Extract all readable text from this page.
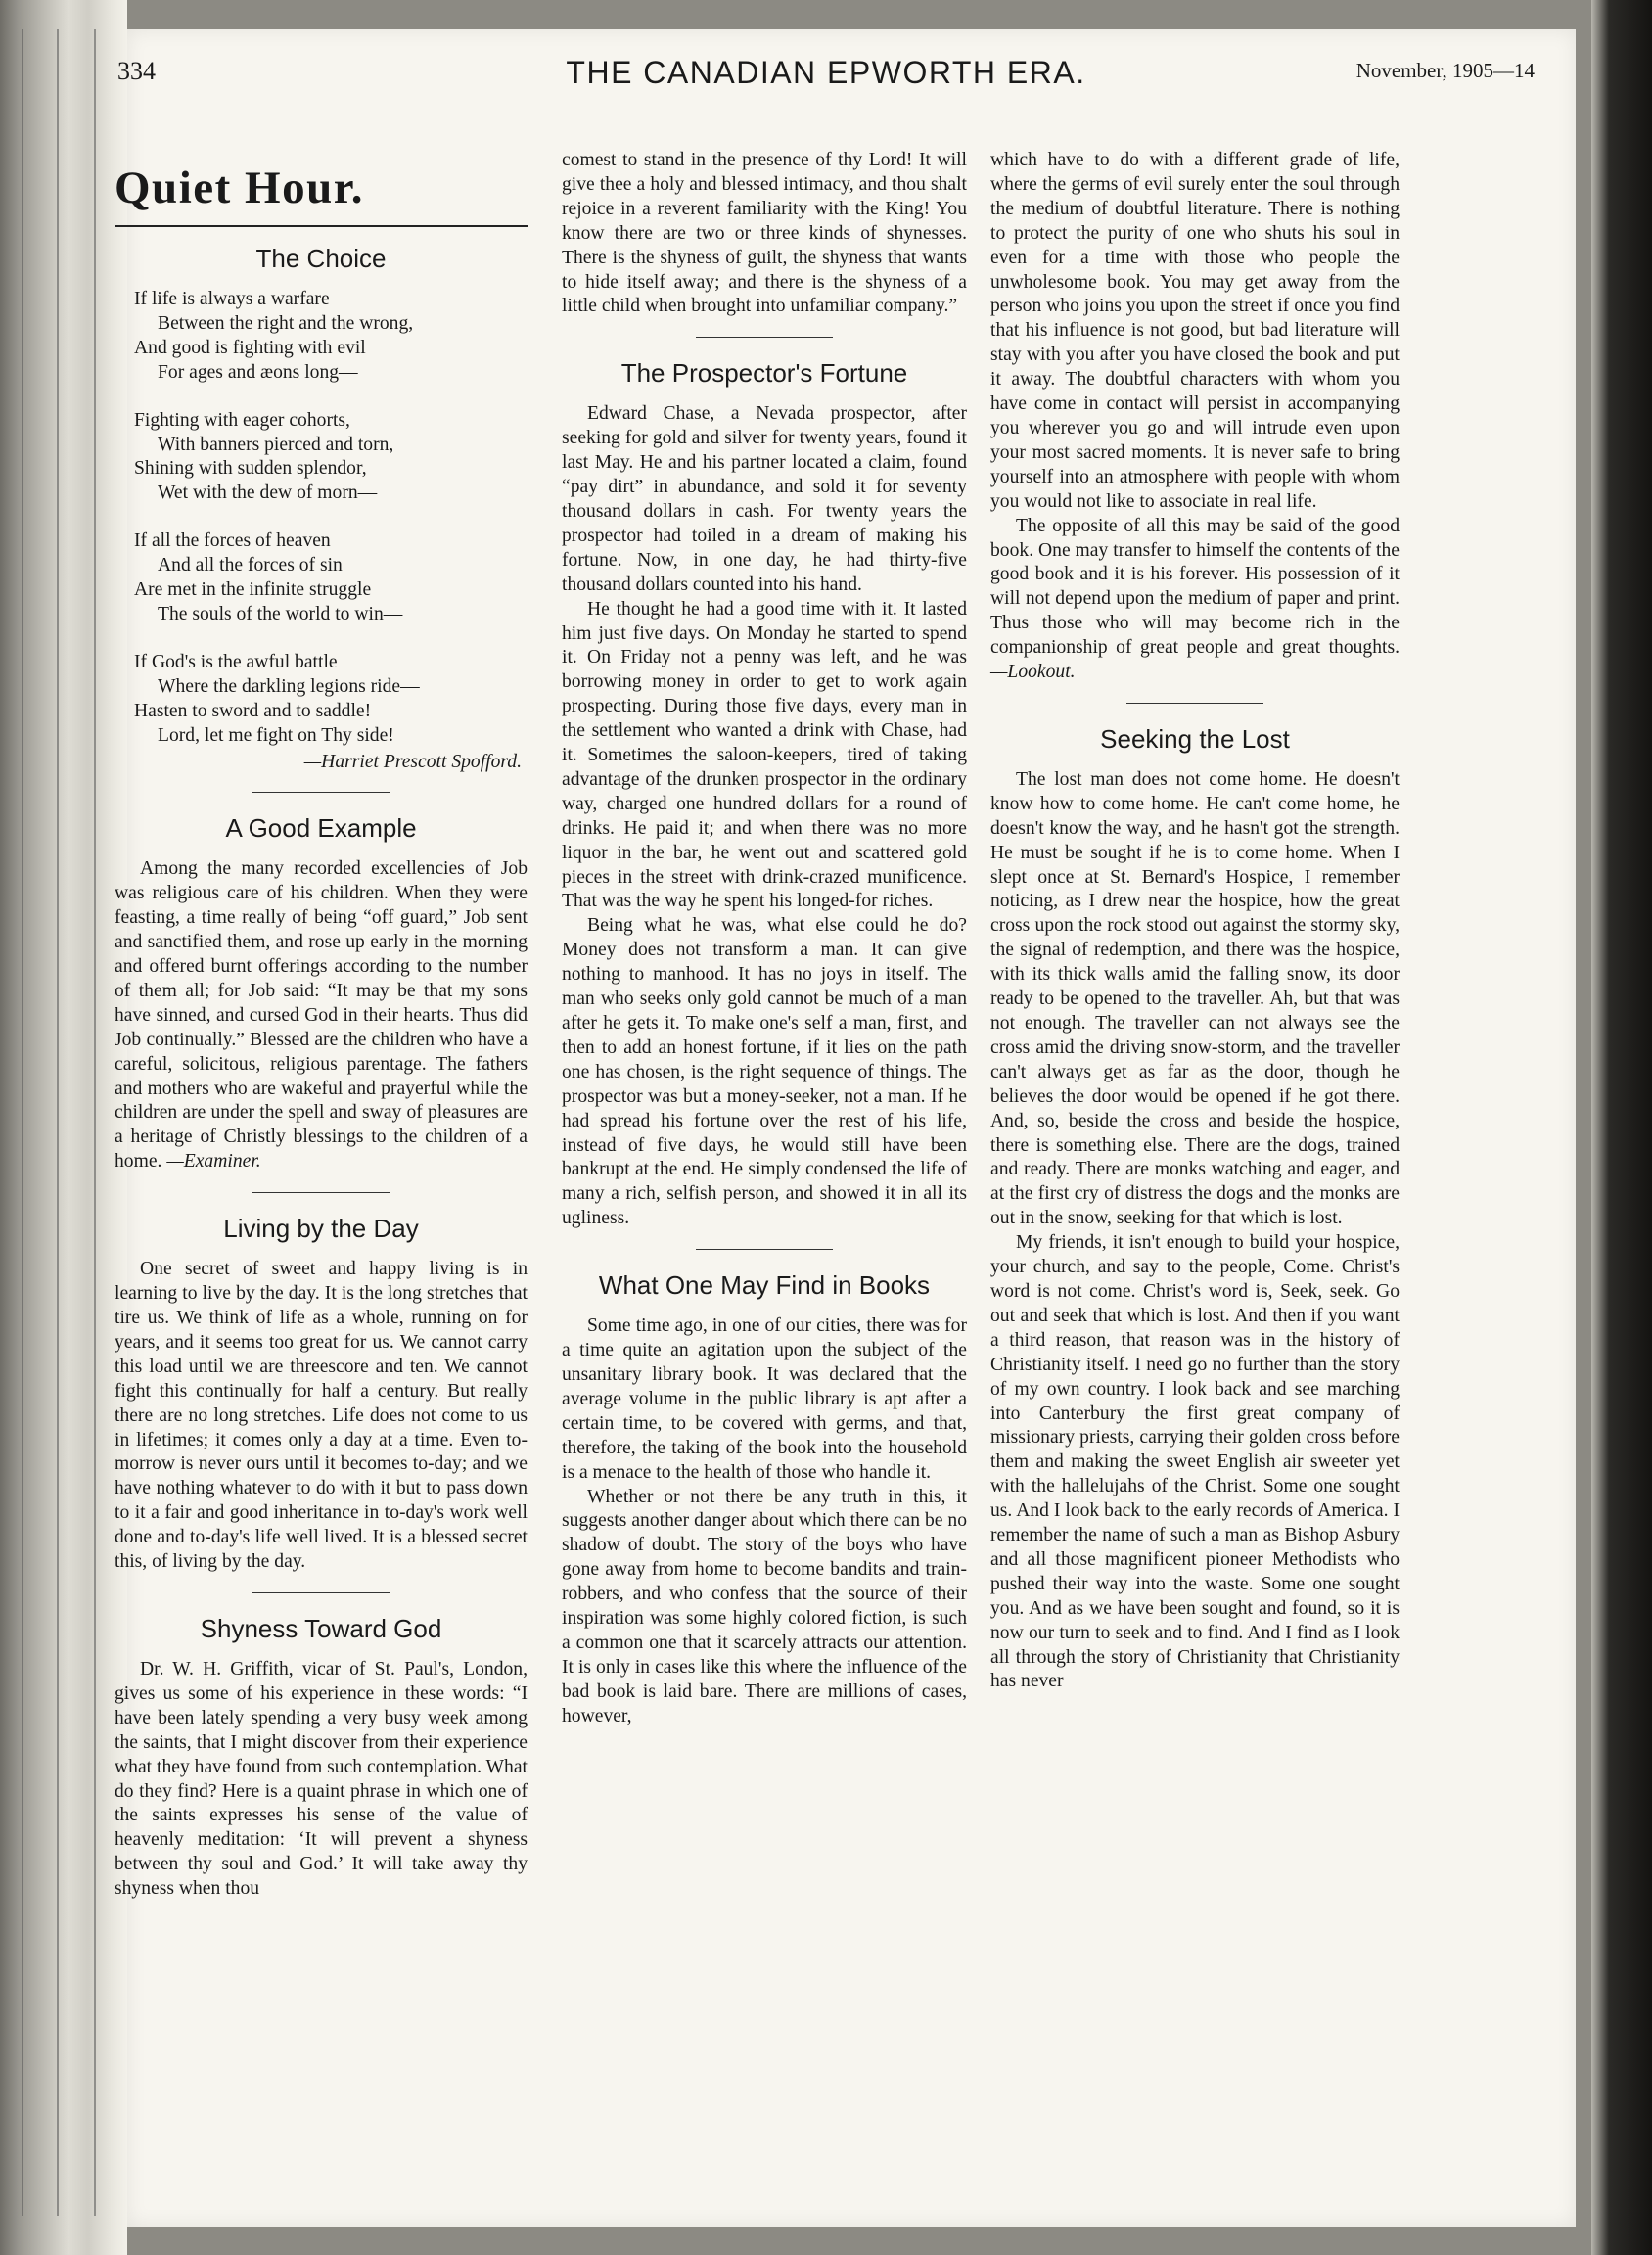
334	THE CANADIAN EPWORTH ERA.	November, 1905—14
Quiet Hour.
The Choice
If life is always a warfare
Between the right and the wrong,
And good is fighting with evil
For ages and æons long—
Fighting with eager cohorts,
With banners pierced and torn,
Shining with sudden splendor,
Wet with the dew of morn—
If all the forces of heaven
And all the forces of sin
Are met in the infinite struggle
The souls of the world to win—
If God's is the awful battle
Where the darkling legions ride—
Hasten to sword and to saddle!
Lord, let me fight on Thy side!
—Harriet Prescott Spofford.
A Good Example

Among the many recorded excellencies of Job was religious care of his children. When they were feasting, a time really of being “off guard,” Job sent and sanctified them, and rose up early in the morning and offered burnt offerings according to the number of them all; for Job said: “It may be that my sons have sinned, and cursed God in their hearts. Thus did Job continually.” Blessed are the children who have a careful, solicitous, religious parentage. The fathers and mothers who are wakeful and prayerful while the children are under the spell and sway of pleasures are a heritage of Christly blessings to the children of a home. —Examiner.

Living by the Day

One secret of sweet and happy living is in learning to live by the day. It is the long stretches that tire us. We think of life as a whole, running on for years, and it seems too great for us. We cannot carry this load until we are threescore and ten. We cannot fight this continually for half a century. But really there are no long stretches. Life does not come to us in lifetimes; it comes only a day at a time. Even to-morrow is never ours until it becomes to-day; and we have nothing whatever to do with it but to pass down to it a fair and good inheritance in to-day's work well done and to-day's life well lived. It is a blessed secret this, of living by the day.

Shyness Toward God

Dr. W. H. Griffith, vicar of St. Paul's, London, gives us some of his experience in these words: “I have been lately spending a very busy week among the saints, that I might discover from their experience what they have found from such contemplation. What do they find? Here is a quaint phrase in which one of the saints expresses his sense of the value of heavenly meditation: ‘It will prevent a shyness between thy soul and God.’ It will take away thy shyness when thou

comest to stand in the presence of thy Lord! It will give thee a holy and blessed intimacy, and thou shalt rejoice in a reverent familiarity with the King! You know there are two or three kinds of shynesses. There is the shyness of guilt, the shyness that wants to hide itself away; and there is the shyness of a little child when brought into unfamiliar company.”

The Prospector's Fortune

Edward Chase, a Nevada prospector, after seeking for gold and silver for twenty years, found it last May. He and his partner located a claim, found “pay dirt” in abundance, and sold it for seventy thousand dollars in cash. For twenty years the prospector had toiled in a dream of making his fortune. Now, in one day, he had thirty-five thousand dollars counted into his hand.

He thought he had a good time with it. It lasted him just five days. On Monday he started to spend it. On Friday not a penny was left, and he was borrowing money in order to get to work again prospecting. During those five days, every man in the settlement who wanted a drink with Chase, had it. Sometimes the saloon-keepers, tired of taking advantage of the drunken prospector in the ordinary way, charged one hundred dollars for a round of drinks. He paid it; and when there was no more liquor in the bar, he went out and scattered gold pieces in the street with drink-crazed munificence. That was the way he spent his longed-for riches.

Being what he was, what else could he do? Money does not transform a man. It can give nothing to manhood. It has no joys in itself. The man who seeks only gold cannot be much of a man after he gets it. To make one's self a man, first, and then to add an honest fortune, if it lies on the path one has chosen, is the right sequence of things. The prospector was but a money-seeker, not a man. If he had spread his fortune over the rest of his life, instead of five days, he would still have been bankrupt at the end. He simply condensed the life of many a rich, selfish person, and showed it in all its ugliness.

What One May Find in Books

Some time ago, in one of our cities, there was for a time quite an agitation upon the subject of the unsanitary library book. It was declared that the average volume in the public library is apt after a certain time, to be covered with germs, and that, therefore, the taking of the book into the household is a menace to the health of those who handle it.

Whether or not there be any truth in this, it suggests another danger about which there can be no shadow of doubt. The story of the boys who have gone away from home to become bandits and train-robbers, and who confess that the source of their inspiration was some highly colored fiction, is such a common one that it scarcely attracts our attention. It is only in cases like this where the influence of the bad book is laid bare. There are millions of cases, however,

which have to do with a different grade of life, where the germs of evil surely enter the soul through the medium of doubtful literature. There is nothing to protect the purity of one who shuts his soul in even for a time with those who people the unwholesome book. You may get away from the person who joins you upon the street if once you find that his influence is not good, but bad literature will stay with you after you have closed the book and put it away. The doubtful characters with whom you have come in contact will persist in accompanying you wherever you go and will intrude even upon your most sacred moments. It is never safe to bring yourself into an atmosphere with people with whom you would not like to associate in real life.

The opposite of all this may be said of the good book. One may transfer to himself the contents of the good book and it is his forever. His possession of it will not depend upon the medium of paper and print. Thus those who will may become rich in the companionship of great people and great thoughts. —Lookout.

Seeking the Lost

The lost man does not come home. He doesn't know how to come home. He can't come home, he doesn't know the way, and he hasn't got the strength. He must be sought if he is to come home. When I slept once at St. Bernard's Hospice, I remember noticing, as I drew near the hospice, how the great cross upon the rock stood out against the stormy sky, the signal of redemption, and there was the hospice, with its thick walls amid the falling snow, its door ready to be opened to the traveller. Ah, but that was not enough. The traveller can not always see the cross amid the driving snow-storm, and the traveller can't always get as far as the door, though he believes the door would be opened if he got there. And, so, beside the cross and beside the hospice, there is something else. There are the dogs, trained and ready. There are monks watching and eager, and at the first cry of distress the dogs and the monks are out in the snow, seeking for that which is lost.

My friends, it isn't enough to build your hospice, your church, and say to the people, Come. Christ's word is not come. Christ's word is, Seek, seek. Go out and seek that which is lost. And then if you want a third reason, that reason was in the history of Christianity itself. I need go no further than the story of my own country. I look back and see marching into Canterbury the first great company of missionary priests, carrying their golden cross before them and making the sweet English air sweeter yet with the hallelujahs of the Christ. Some one sought us. And I look back to the early records of America. I remember the name of such a man as Bishop Asbury and all those magnificent pioneer Methodists who pushed their way into the waste. Some one sought you. And as we have been sought and found, so it is now our turn to seek and to find. And I find as I look all through the story of Christianity that Christianity has never
